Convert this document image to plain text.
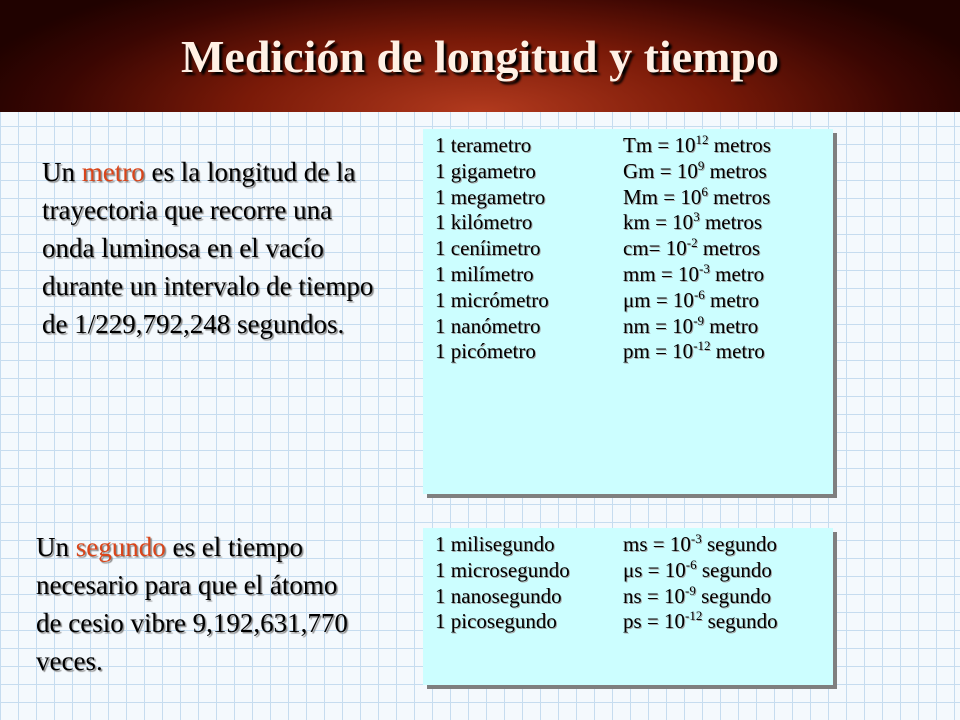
Medición de longitud y tiempo
Un metro es la longitud de la trayectoria que recorre una onda luminosa en el vacío durante un intervalo de tiempo de 1/229,792,248 segundos.
Un segundo es el tiempo necesario para que el átomo de cesio vibre 9,192,631,770 veces.
1 terametro	$Tm = 10^{12}$ metros
1 gigametro	$Gm = 10^9$ metros
1 megametro	$Mm = 10^6$ metros
1 kilómetro	km = $10^3$ metros
1 ceníimetro	$cm= 10^{-2}$ metros
1 milímetro	mm = $10^{-3}$ metro
1 micrómetro	$\mu m = 10^{-6}$ metro
1 nanómetro	nm = $10^{-9}$ metro
1 picómetro	pm = $10^{-12}$ metro
1 milisegundo	ms = $10^{-3}$ segundo
1 microsegundo	$\mu s = 10^{-6}$ segundo
1 nanosegundo	ns = $10^{-9}$ segundo
1 picosegundo	ps = $10^{-12}$ segundo
